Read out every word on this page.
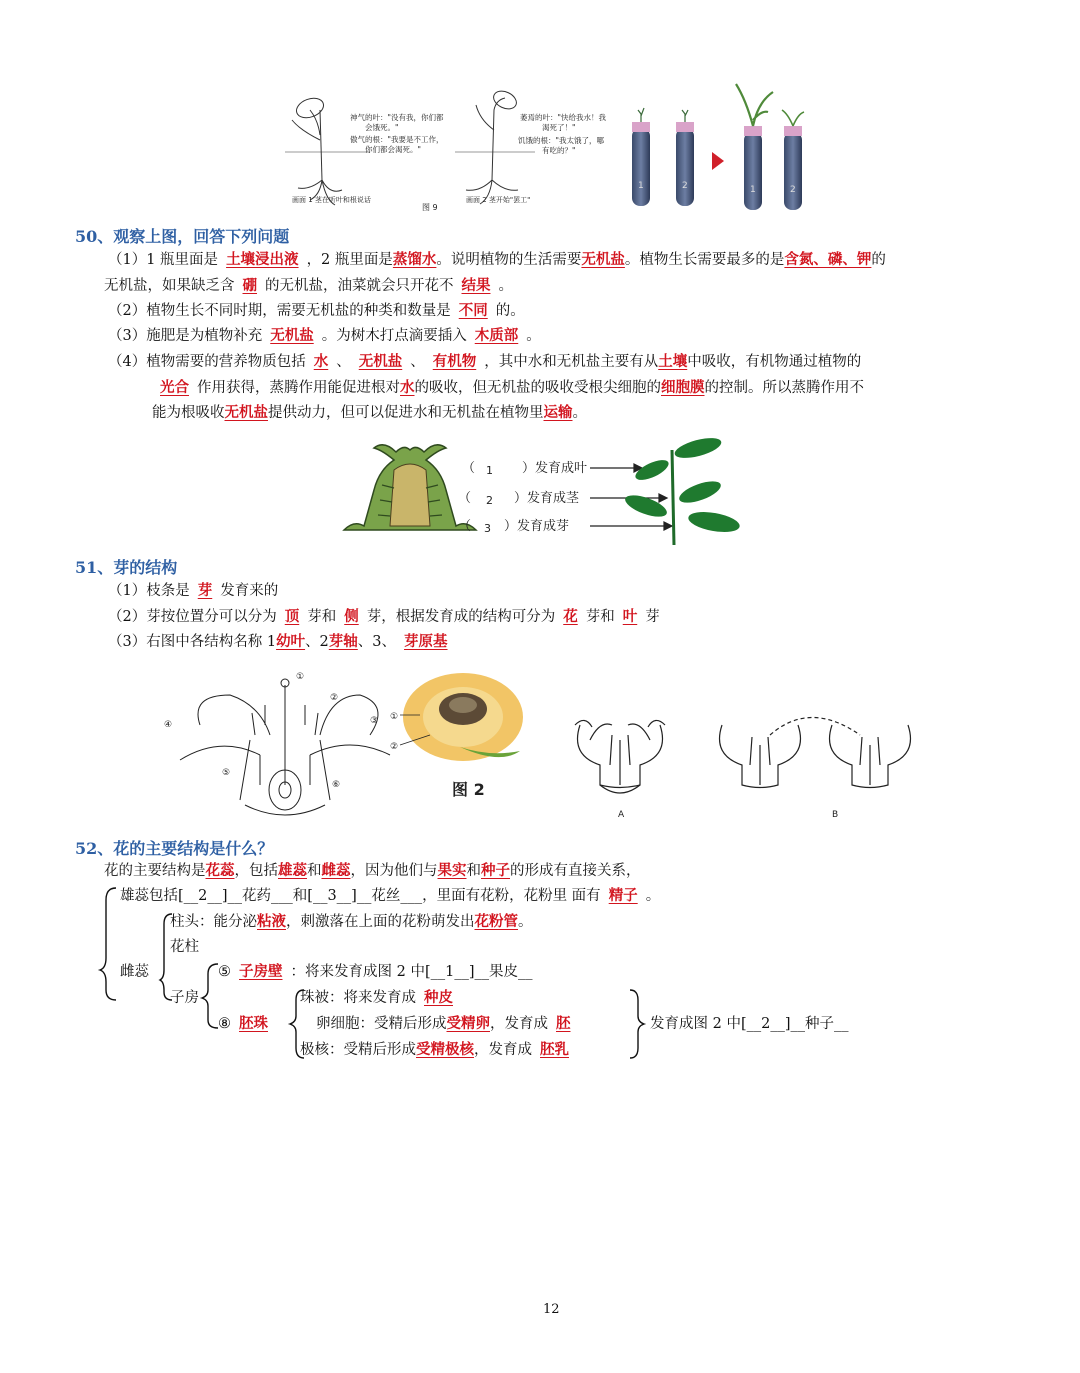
神气的叶："没有我，你们都会饿死。"
傲气的根："我要是不工作，你们都会渴死。"
画面 1 茎在听叶和根说话
图 9
萎焉的叶："快给我水！我渴死了！"
饥饿的根："我太饿了，哪有吃的？"
画面 2 茎开始"罢工"
1	2	1	2
50、观察上图，回答下列问题
（1）1 瓶里面是 土壤浸出液 ，2 瓶里面是蒸馏水。说明植物的生活需要无机盐。植物生长需要最多的是含氮、磷、钾的
无机盐，如果缺乏含 硼 的无机盐，油菜就会只开花不 结果 。
（2）植物生长不同时期，需要无机盐的种类和数量是 不同 的。
（3）施肥是为植物补充 无机盐 。为树木打点滴要插入 木质部 。
（4）植物需要的营养物质包括 水 、 无机盐 、 有机物 ，其中水和无机盐主要有从土壤中吸收，有机物通过植物的
光合 作用获得，蒸腾作用能促进根对水的吸收，但无机盐的吸收受根尖细胞的细胞膜的控制。所以蒸腾作用不
能为根吸收无机盐提供动力，但可以促进水和无机盐在植物里运输。
（ 1 ）发育成叶
（ 2 ）发育成茎
（ 3 ）发育成芽
51、芽的结构
（1）枝条是 芽 发育来的
（2）芽按位置分可以分为 顶 芽和 侧 芽，根据发育成的结构可分为 花 芽和 叶 芽
（3）右图中各结构名称 1幼叶、2芽轴、3、 芽原基
①
②
③
④
⑤
⑥
①
②
图 2
A	B
52、花的主要结构是什么？
花的主要结构是花蕊，包括雄蕊和雌蕊，因为他们与果实和种子的形成有直接关系，
雄蕊包括[__2__]__花药___和[__3__]__花丝___，里面有花粉，花粉里 面有 精子 。
柱头：能分泌粘液，刺激落在上面的花粉萌发出花粉管。
花柱
雌蕊	⑤ 子房壁 ：将来发育成图 2 中[__1__]__果皮__
子房	珠被：将来发育成 种皮
⑧ 胚珠	卵细胞：受精后形成受精卵，发育成 胚	发育成图 2 中[__2__]__种子__
极核：受精后形成受精极核，发育成 胚乳
12
